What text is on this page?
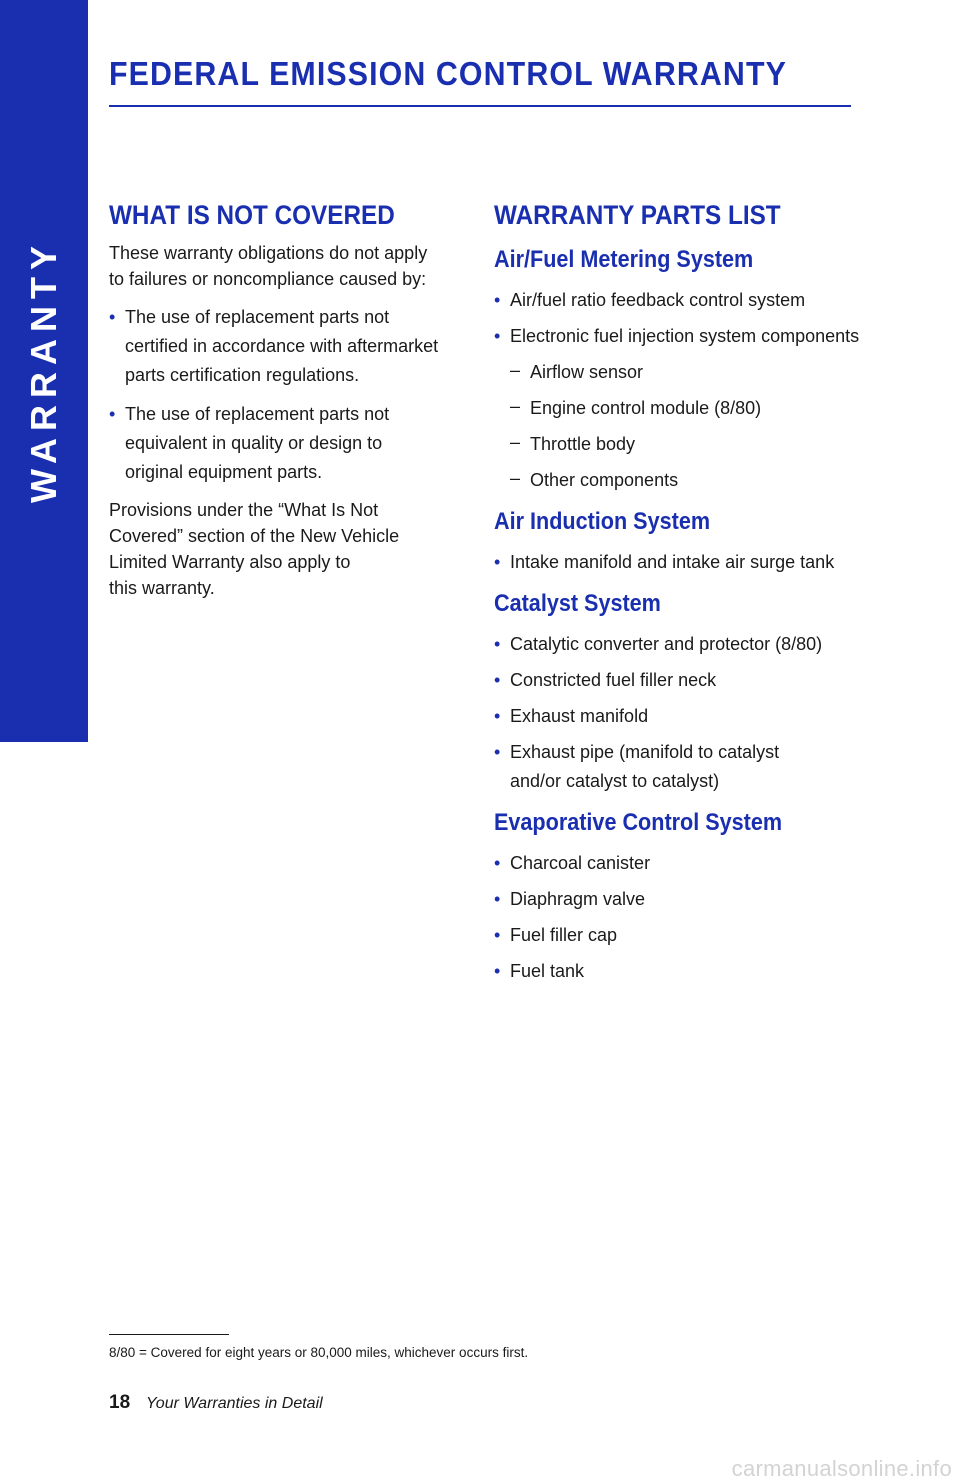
WARRANTY
FEDERAL EMISSION CONTROL WARRANTY
WHAT IS NOT COVERED

These warranty obligations do not apply
to failures or noncompliance caused by:

• The use of replacement parts not
certified in accordance with aftermarket
parts certification regulations.
• The use of replacement parts not
equivalent in quality or design to
original equipment parts.

Provisions under the “What Is Not
Covered” section of the New Vehicle
Limited Warranty also apply to
this warranty.

WARRANTY PARTS LIST
Air/Fuel Metering System
• Air/fuel ratio feedback control system
• Electronic fuel injection system components
– Airflow sensor
– Engine control module (8/80)
– Throttle body
– Other components
Air Induction System
• Intake manifold and intake air surge tank
Catalyst System
• Catalytic converter and protector (8/80)
• Constricted fuel filler neck
• Exhaust manifold
• Exhaust pipe (manifold to catalyst
and/or catalyst to catalyst)
Evaporative Control System
• Charcoal canister
• Diaphragm valve
• Fuel filler cap
• Fuel tank

8/80 = Covered for eight years or 80,000 miles, whichever occurs first.

18 Your Warranties in Detail
carmanualsonline.info
